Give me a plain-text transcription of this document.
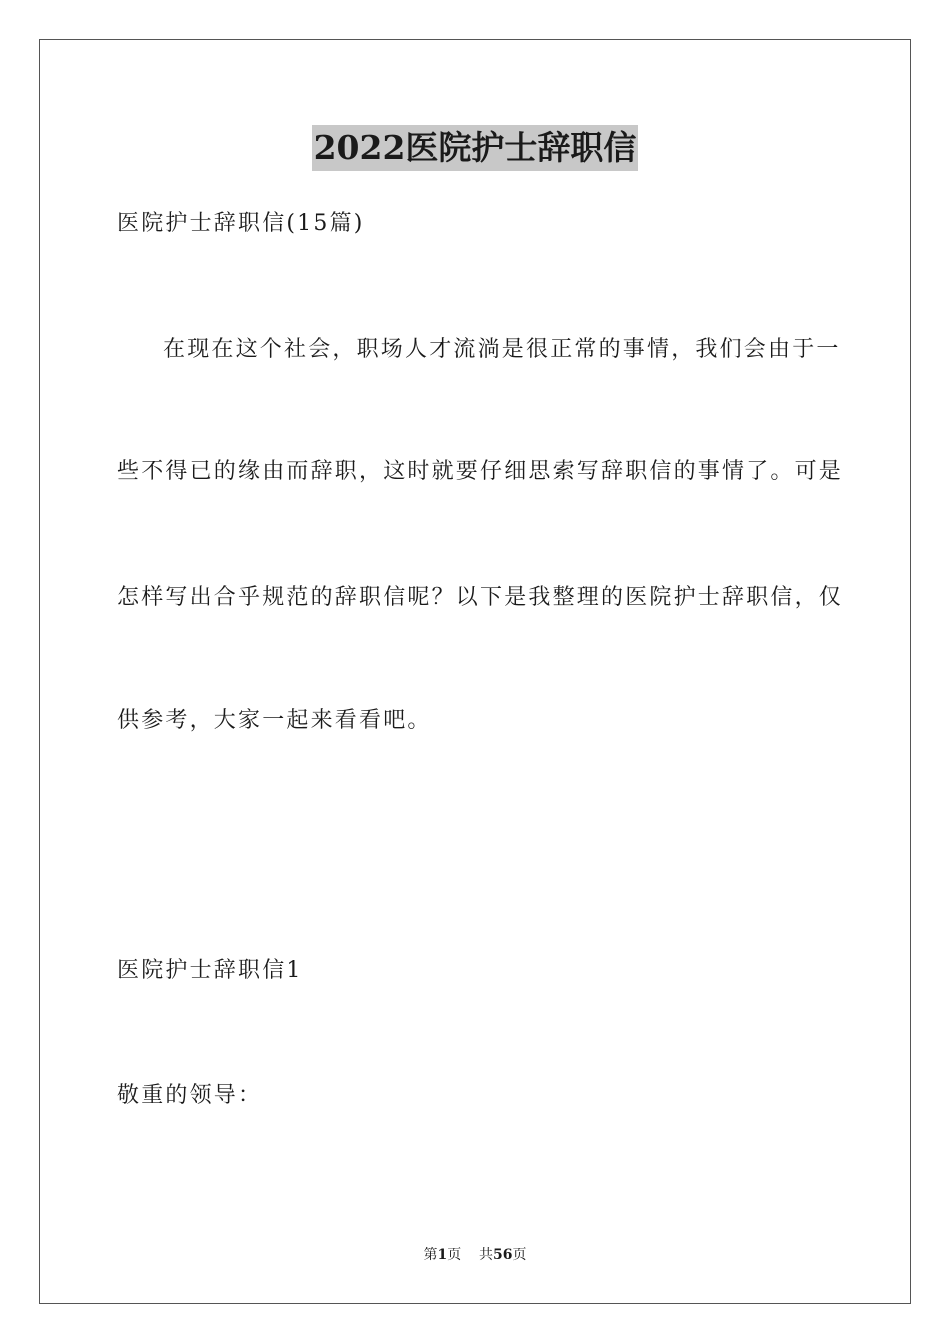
2022医院护士辞职信
医院护士辞职信(15篇)
在现在这个社会，职场人才流淌是很正常的事情，我们会由于一
些不得已的缘由而辞职，这时就要仔细思索写辞职信的事情了。可是
怎样写出合乎规范的辞职信呢？以下是我整理的医院护士辞职信，仅
供参考，大家一起来看看吧。
医院护士辞职信1
敬重的领导：
第1页 共56页
